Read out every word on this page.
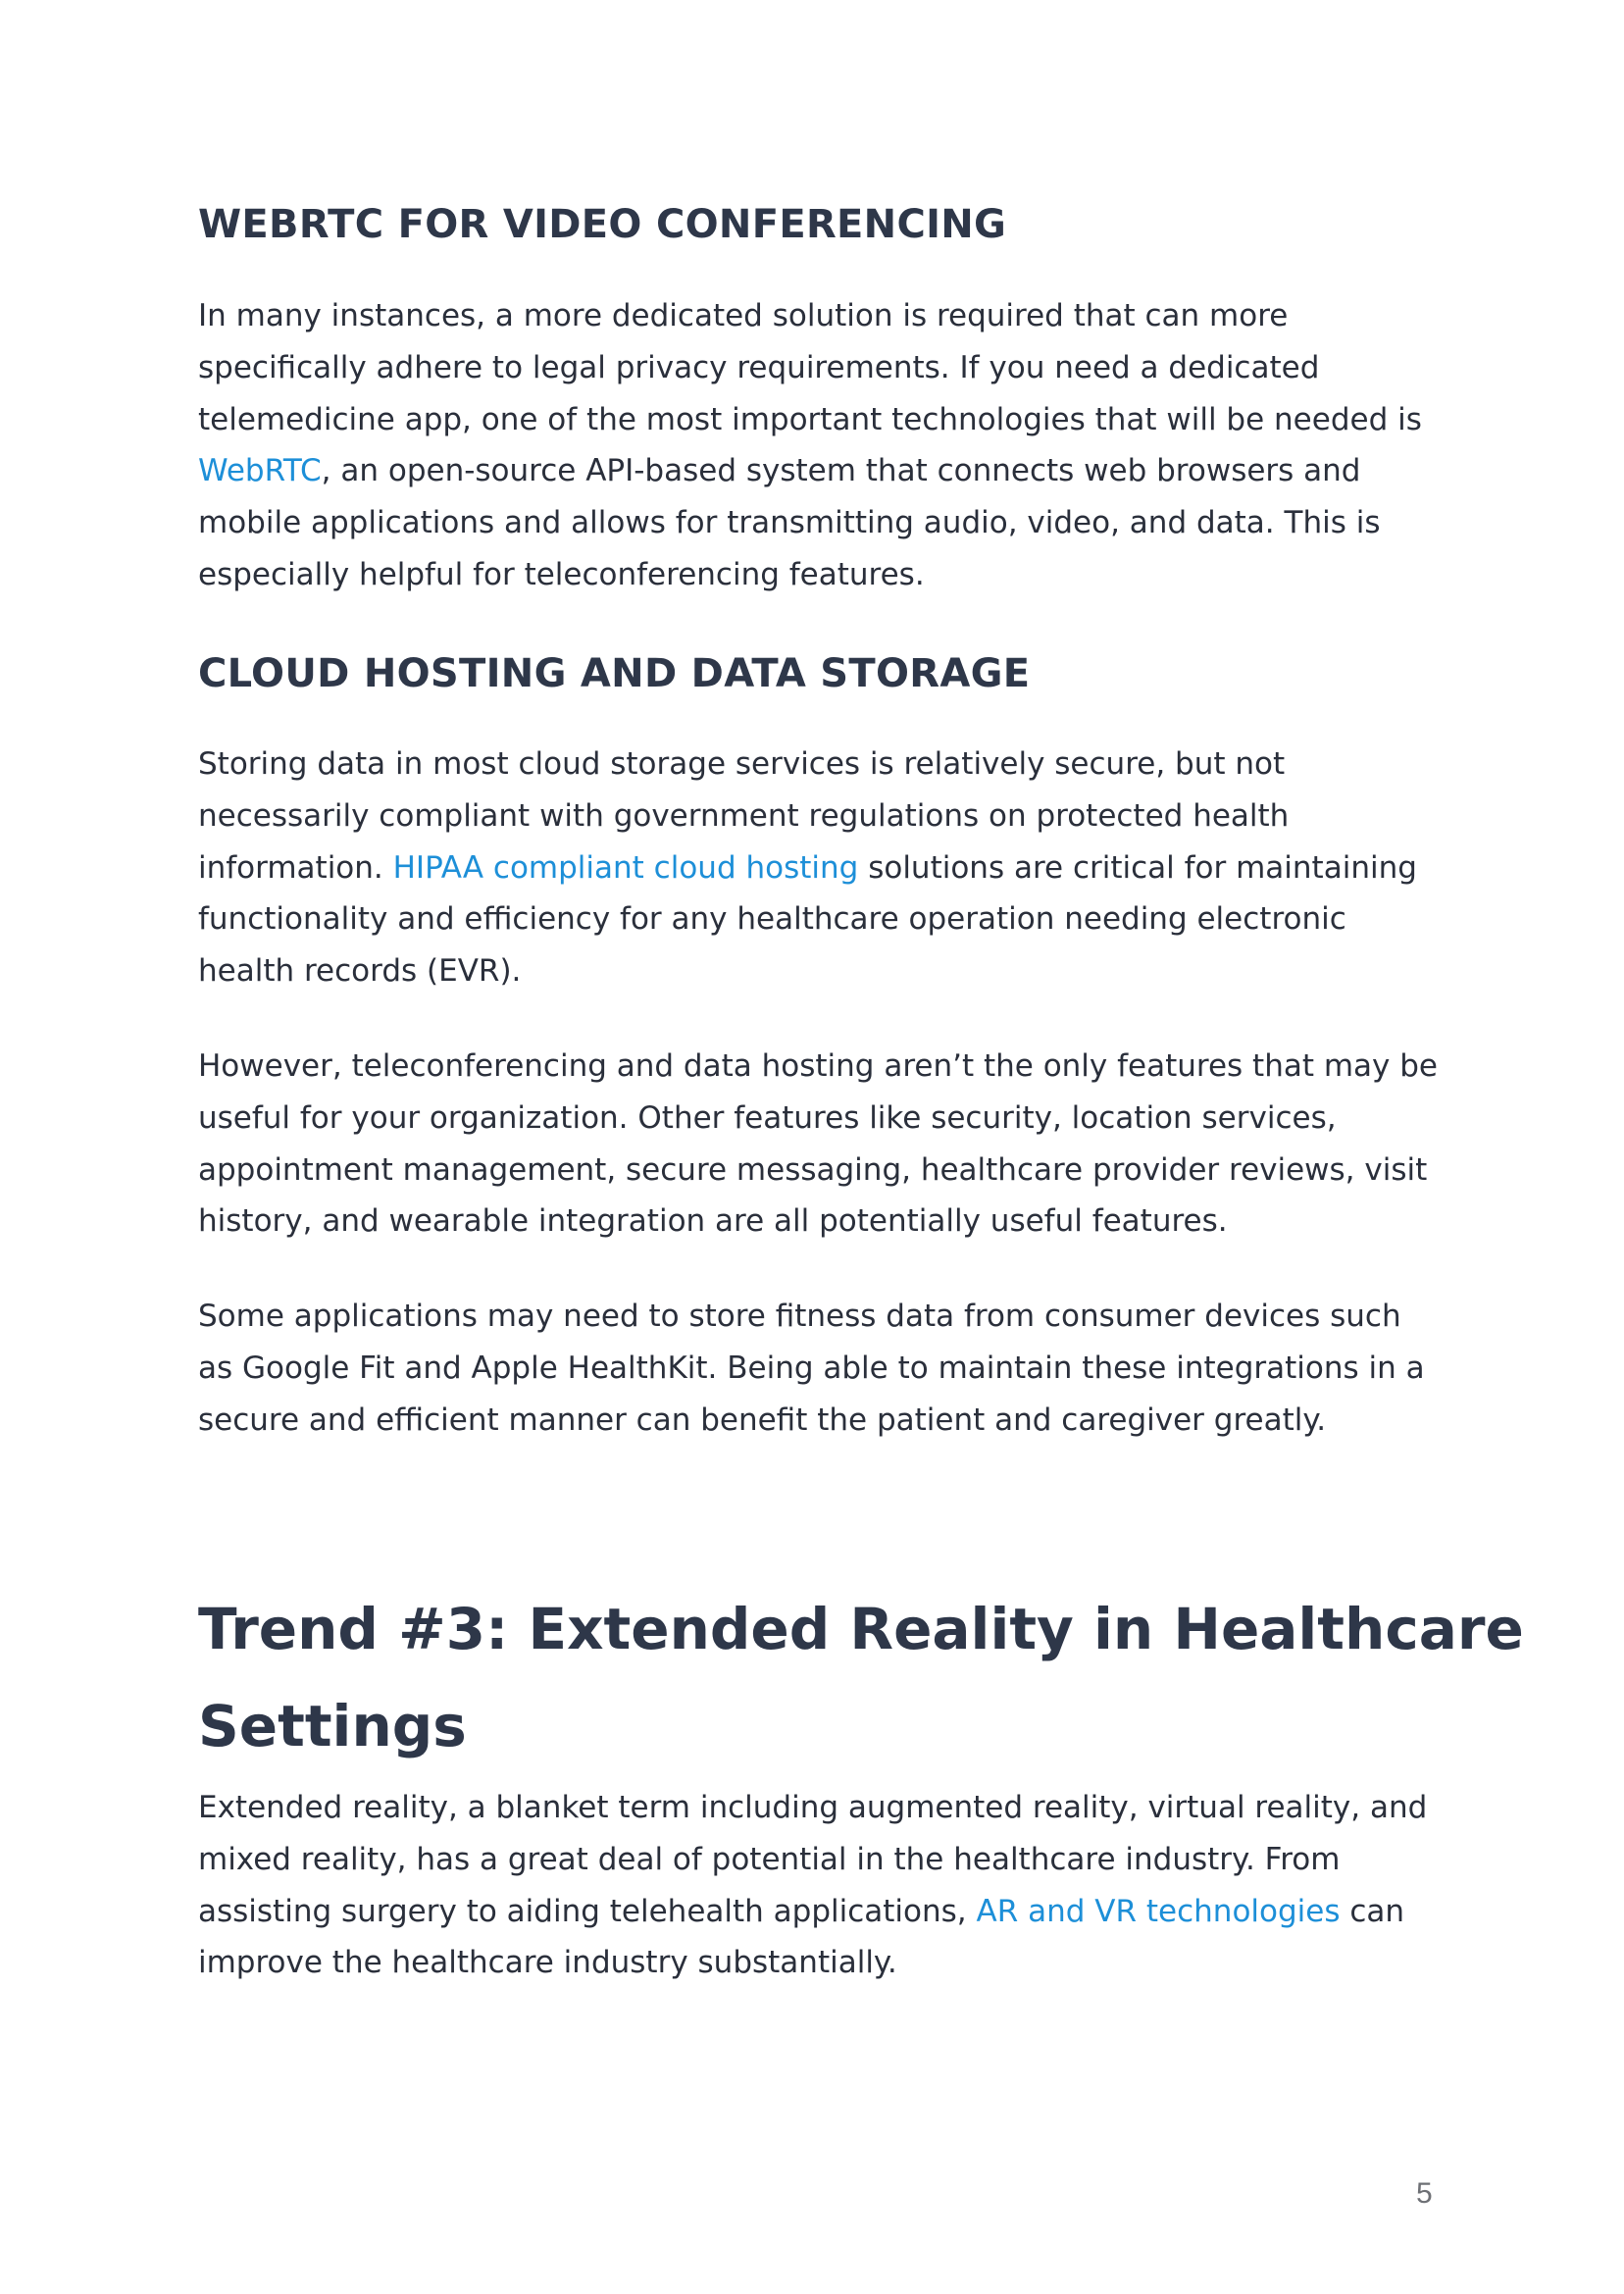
WEBRTC FOR VIDEO CONFERENCING

In many instances, a more dedicated solution is required that can more
specifically adhere to legal privacy requirements. If you need a dedicated
telemedicine app, one of the most important technologies that will be needed is
WebRTC, an open-source API-based system that connects web browsers and
mobile applications and allows for transmitting audio, video, and data. This is
especially helpful for teleconferencing features.

CLOUD HOSTING AND DATA STORAGE

Storing data in most cloud storage services is relatively secure, but not
necessarily compliant with government regulations on protected health
information. HIPAA compliant cloud hosting solutions are critical for maintaining
functionality and efficiency for any healthcare operation needing electronic
health records (EVR).

However, teleconferencing and data hosting aren’t the only features that may be
useful for your organization. Other features like security, location services,
appointment management, secure messaging, healthcare provider reviews, visit
history, and wearable integration are all potentially useful features.

Some applications may need to store fitness data from consumer devices such
as Google Fit and Apple HealthKit. Being able to maintain these integrations in a
secure and efficient manner can benefit the patient and caregiver greatly.

Trend #3: Extended Reality in Healthcare
Settings

Extended reality, a blanket term including augmented reality, virtual reality, and
mixed reality, has a great deal of potential in the healthcare industry. From
assisting surgery to aiding telehealth applications, AR and VR technologies can
improve the healthcare industry substantially.

5
